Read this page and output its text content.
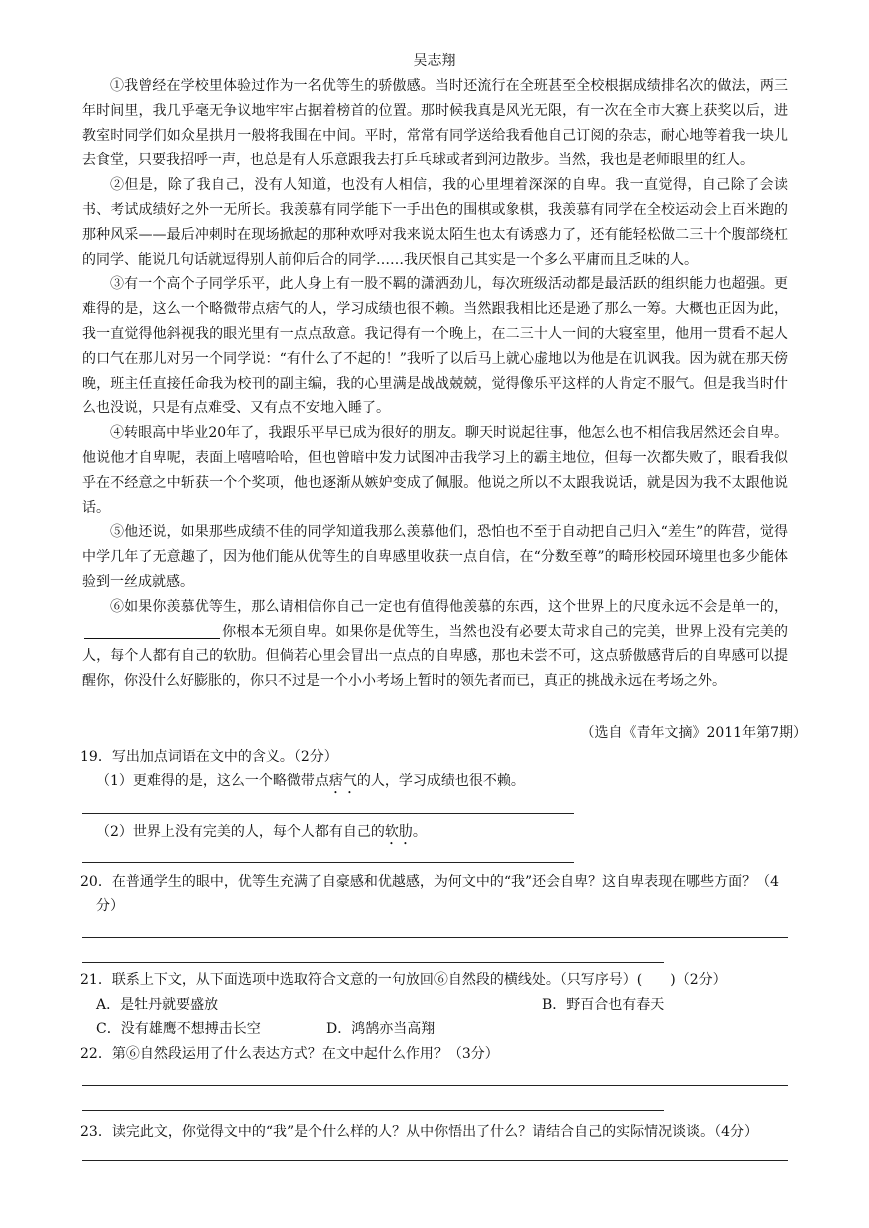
吴志翔

①我曾经在学校里体验过作为一名优等生的骄傲感。当时还流行在全班甚至全校根据成绩排名次的做法，两三年时间里，我几乎毫无争议地牢牢占据着榜首的位置。那时候我真是风光无限，有一次在全市大赛上获奖以后，进教室时同学们如众星拱月一般将我围在中间。平时，常常有同学送给我看他自己订阅的杂志，耐心地等着我一块儿去食堂，只要我招呼一声，也总是有人乐意跟我去打乒乓球或者到河边散步。当然，我也是老师眼里的红人。

②但是，除了我自己，没有人知道，也没有人相信，我的心里埋着深深的自卑。我一直觉得，自己除了会读书、考试成绩好之外一无所长。我羡慕有同学能下一手出色的围棋或象棋，我羡慕有同学在全校运动会上百米跑的那种风采——最后冲刺时在现场掀起的那种欢呼对我来说太陌生也太有诱惑力了，还有能轻松做二三十个腹部绕杠的同学、能说几句话就逗得别人前仰后合的同学……我厌恨自己其实是一个多么平庸而且乏味的人。

③有一个高个子同学乐平，此人身上有一股不羁的潇洒劲儿，每次班级活动都是最活跃的组织能力也超强。更难得的是，这么一个略微带点痞气的人，学习成绩也很不赖。当然跟我相比还是逊了那么一筹。大概也正因为此，我一直觉得他斜视我的眼光里有一点点敌意。我记得有一个晚上，在二三十人一间的大寝室里，他用一贯看不起人的口气在那儿对另一个同学说：“有什么了不起的！”我听了以后马上就心虚地以为他是在讥讽我。因为就在那天傍晚，班主任直接任命我为校刊的副主编，我的心里满是战战兢兢，觉得像乐平这样的人肯定不服气。但是我当时什么也没说，只是有点难受、又有点不安地入睡了。

④转眼高中毕业20年了，我跟乐平早已成为很好的朋友。聊天时说起往事，他怎么也不相信我居然还会自卑。他说他才自卑呢，表面上嘻嘻哈哈，但也曾暗中发力试图冲击我学习上的霸主地位，但每一次都失败了，眼看我似乎在不经意之中斩获一个个奖项，他也逐渐从嫉妒变成了佩服。他说之所以不太跟我说话，就是因为我不太跟他说话。

⑤他还说，如果那些成绩不佳的同学知道我那么羡慕他们，恐怕也不至于自动把自己归入“差生”的阵营，觉得中学几年了无意趣了，因为他们能从优等生的自卑感里收获一点自信，在“分数至尊”的畸形校园环境里也多少能体验到一丝成就感。

⑥如果你羡慕优等生，那么请相信你自己一定也有值得他羡慕的东西，这个世界上的尺度永远不会是单一的，你根本无须自卑。如果你是优等生，当然也没有必要太苛求自己的完美，世界上没有完美的人，每个人都有自己的软肋。但倘若心里会冒出一点点的自卑感，那也未尝不可，这点骄傲感背后的自卑感可以提醒你，你没什么好膨胀的，你只不过是一个小小考场上暂时的领先者而已，真正的挑战永远在考场之外。

（选自《青年文摘》2011年第7期）
19．写出加点词语在文中的含义。（2分）
（1）更难得的是，这么一个略微带点痞气的人，学习成绩也很不赖。
（2）世界上没有完美的人，每个人都有自己的软肋。
20．在普通学生的眼中，优等生充满了自豪感和优越感，为何文中的“我”还会自卑？这自卑表现在哪些方面？（4
分）
21．联系上下文，从下面选项中选取符合文意的一句放回⑥自然段的横线处。（只写序号）(　　)（2分）
A．是牡丹就要盛放	B．野百合也有春天
C．没有雄鹰不想搏击长空	D．鸿鹄亦当高翔
22．第⑥自然段运用了什么表达方式？在文中起什么作用？（3分）
23．读完此文，你觉得文中的“我”是个什么样的人？从中你悟出了什么？请结合自己的实际情况谈谈。（4分）
